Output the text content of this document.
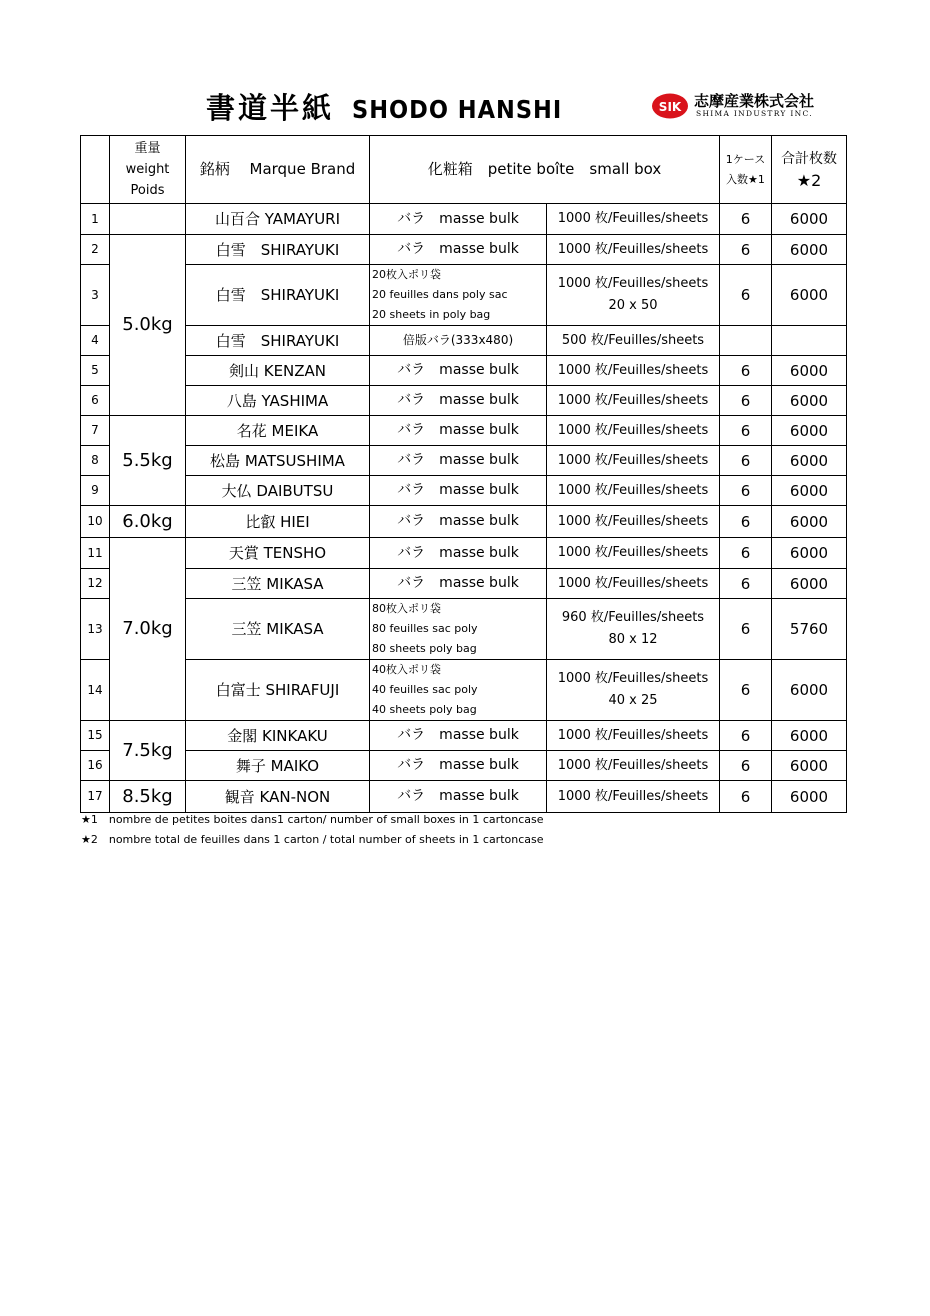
書道半紙 SHODO HANSHI	SIK 志摩産業株式会社
SHIMA INDUSTRY INC.

	重量
weight
Poids	銘柄　 Marque Brand	化粧箱　petite boîte　small box		1ケース
入数★1	合計枚数
★2

1		山百合 YAMAYURI	バラ　masse bulk	1000 枚/Feuilles/sheets	6	6000
2	5.0kg	白雪　SHIRAYUKI	バラ　masse bulk	1000 枚/Feuilles/sheets	6	6000
3		白雪　SHIRAYUKI	20枚入ポリ袋
20 feuilles dans poly sac
20 sheets in poly bag	1000 枚/Feuilles/sheets
20 x 50	6	6000
4		白雪　SHIRAYUKI	倍版バラ(333x480)	500 枚/Feuilles/sheets		
5		剣山 KENZAN	バラ　masse bulk	1000 枚/Feuilles/sheets	6	6000
6		八島 YASHIMA	バラ　masse bulk	1000 枚/Feuilles/sheets	6	6000
7	5.5kg	名花 MEIKA	バラ　masse bulk	1000 枚/Feuilles/sheets	6	6000
8		松島 MATSUSHIMA	バラ　masse bulk	1000 枚/Feuilles/sheets	6	6000
9		大仏 DAIBUTSU	バラ　masse bulk	1000 枚/Feuilles/sheets	6	6000
10	6.0kg	比叡 HIEI	バラ　masse bulk	1000 枚/Feuilles/sheets	6	6000
11	7.0kg	天賞 TENSHO	バラ　masse bulk	1000 枚/Feuilles/sheets	6	6000
12		三笠 MIKASA	バラ　masse bulk	1000 枚/Feuilles/sheets	6	6000
13		三笠 MIKASA	80枚入ポリ袋
80 feuilles sac poly
80 sheets poly bag	960 枚/Feuilles/sheets
80 x 12	6	5760
14		白富士 SHIRAFUJI	40枚入ポリ袋
40 feuilles sac poly
40 sheets poly bag	1000 枚/Feuilles/sheets
40 x 25	6	6000
15	7.5kg	金閣 KINKAKU	バラ　masse bulk	1000 枚/Feuilles/sheets	6	6000
16		舞子 MAIKO	バラ　masse bulk	1000 枚/Feuilles/sheets	6	6000
17	8.5kg	観音 KAN-NON	バラ　masse bulk	1000 枚/Feuilles/sheets	6	6000
★1　nombre de petites boites dans1 carton/ number of small boxes in 1 cartoncase
★2　nombre total de feuilles dans 1 carton / total number of sheets in 1 cartoncase
